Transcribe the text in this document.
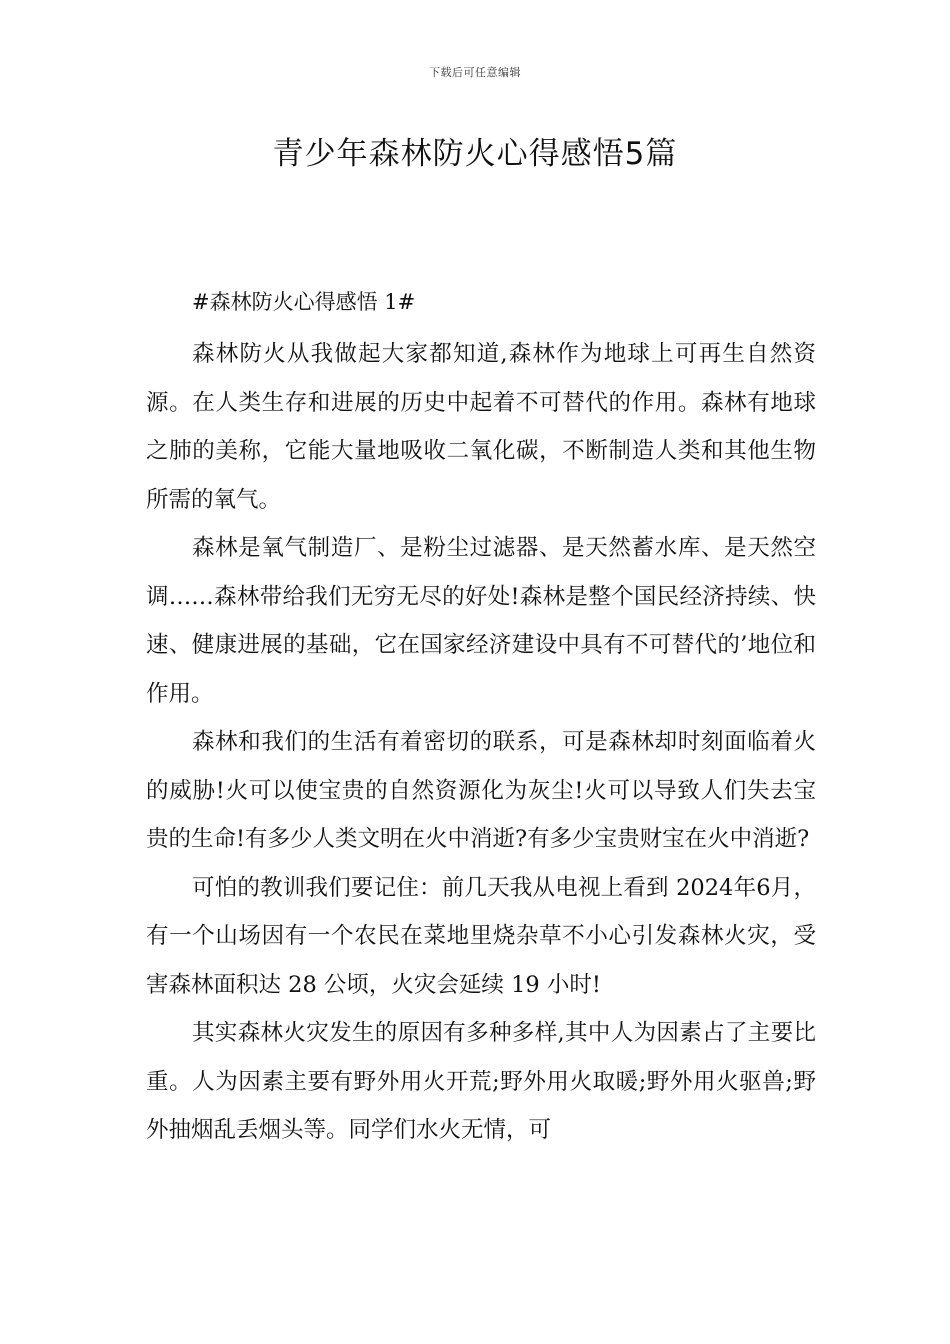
下载后可任意编辑
青少年森林防火心得感悟5篇

#森林防火心得感悟 1#

森林防火从我做起大家都知道,森林作为地球上可再生自然资源。在人类生存和进展的历史中起着不可替代的作用。森林有地球之肺的美称，它能大量地吸收二氧化碳，不断制造人类和其他生物所需的氧气。

森林是氧气制造厂、是粉尘过滤器、是天然蓄水库、是天然空调……森林带给我们无穷无尽的好处!森林是整个国民经济持续、快速、健康进展的基础，它在国家经济建设中具有不可替代的’地位和作用。

森林和我们的生活有着密切的联系，可是森林却时刻面临着火的威胁!火可以使宝贵的自然资源化为灰尘!火可以导致人们失去宝贵的生命!有多少人类文明在火中消逝?有多少宝贵财宝在火中消逝?

可怕的教训我们要记住：前几天我从电视上看到 2024年6月，有一个山场因有一个农民在菜地里烧杂草不小心引发森林火灾，受害森林面积达 28 公顷，火灾会延续 19 小时!

其实森林火灾发生的原因有多种多样,其中人为因素占了主要比重。人为因素主要有野外用火开荒;野外用火取暖;野外用火驱兽;野外抽烟乱丢烟头等。同学们水火无情，可
